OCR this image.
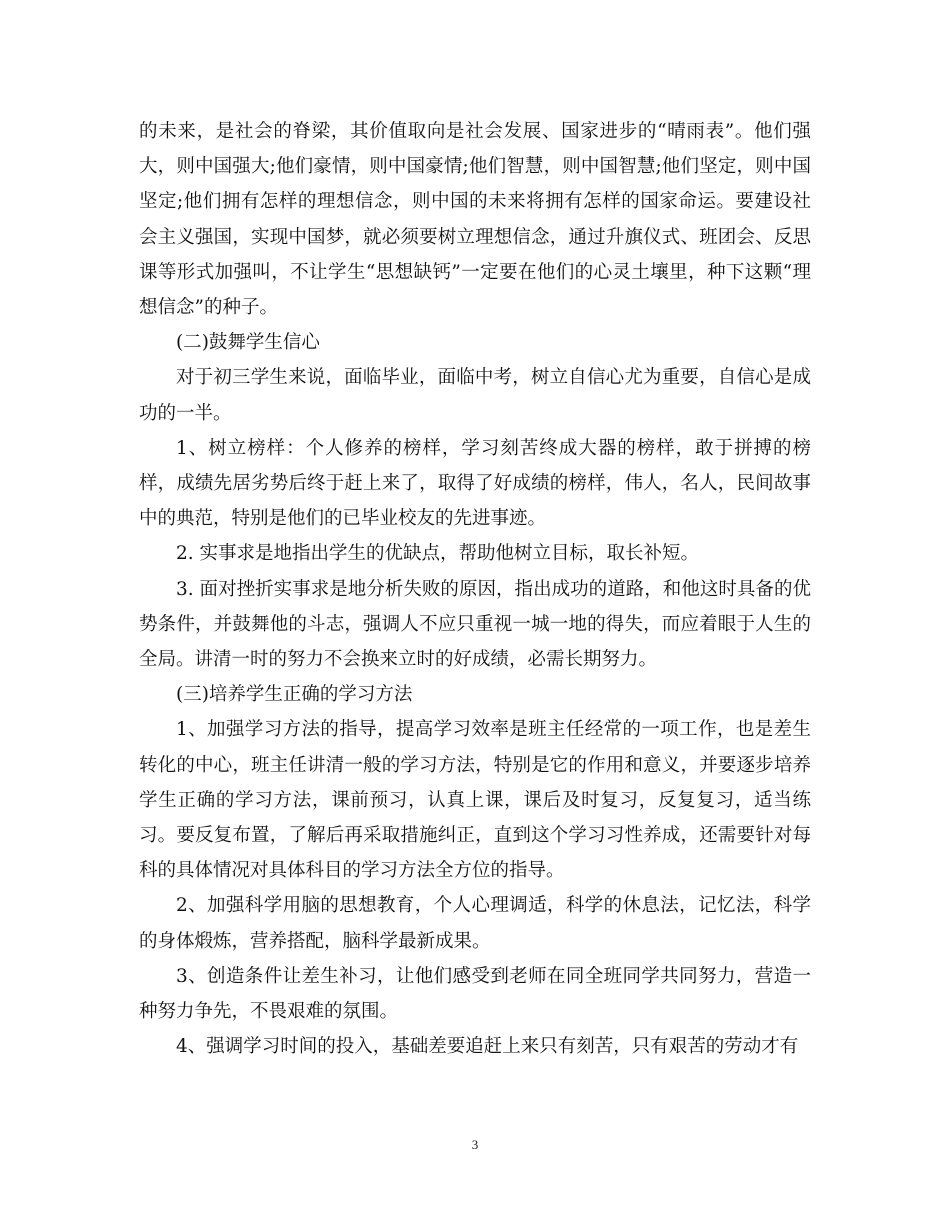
的未来，是社会的脊梁，其价值取向是社会发展、国家进步的“晴雨表”。他们强大，则中国强大;他们豪情，则中国豪情;他们智慧，则中国智慧;他们坚定，则中国坚定;他们拥有怎样的理想信念，则中国的未来将拥有怎样的国家命运。要建设社会主义强国，实现中国梦，就必须要树立理想信念，通过升旗仪式、班团会、反思课等形式加强叫，不让学生“思想缺钙”一定要在他们的心灵土壤里，种下这颗“理想信念”的种子。

(二)鼓舞学生信心

对于初三学生来说，面临毕业，面临中考，树立自信心尤为重要，自信心是成功的一半。

1、树立榜样：个人修养的榜样，学习刻苦终成大器的榜样，敢于拼搏的榜样，成绩先居劣势后终于赶上来了，取得了好成绩的榜样，伟人，名人，民间故事中的典范，特别是他们的已毕业校友的先进事迹。

2. 实事求是地指出学生的优缺点，帮助他树立目标，取长补短。

3. 面对挫折实事求是地分析失败的原因，指出成功的道路，和他这时具备的优势条件，并鼓舞他的斗志，强调人不应只重视一城一地的得失，而应着眼于人生的全局。讲清一时的努力不会换来立时的好成绩，必需长期努力。

(三)培养学生正确的学习方法

1、加强学习方法的指导，提高学习效率是班主任经常的一项工作，也是差生转化的中心，班主任讲清一般的学习方法，特别是它的作用和意义，并要逐步培养学生正确的学习方法，课前预习，认真上课，课后及时复习，反复复习，适当练习。要反复布置，了解后再采取措施纠正，直到这个学习习性养成，还需要针对每科的具体情况对具体科目的学习方法全方位的指导。

2、加强科学用脑的思想教育，个人心理调适，科学的休息法，记忆法，科学的身体煅炼，营养搭配，脑科学最新成果。

3、创造条件让差生补习，让他们感受到老师在同全班同学共同努力，营造一种努力争先，不畏艰难的氛围。

4、强调学习时间的投入，基础差要追赶上来只有刻苦，只有艰苦的劳动才有

3
